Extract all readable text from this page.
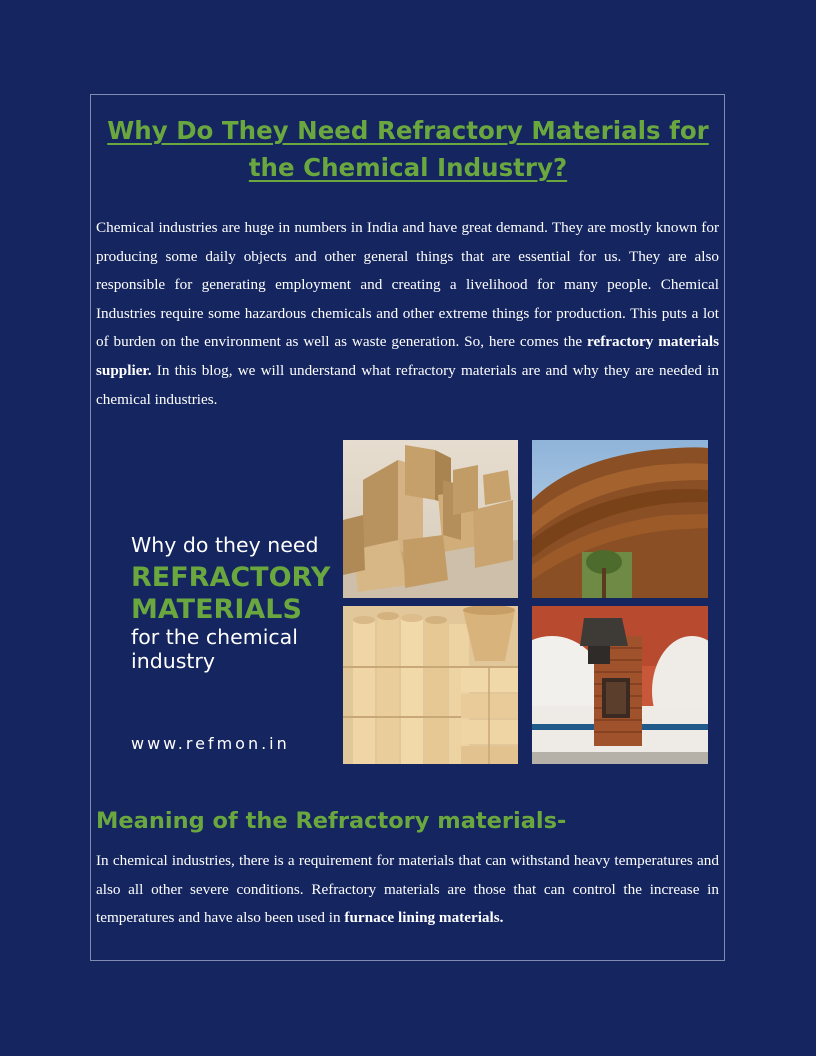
Why Do They Need Refractory Materials for the Chemical Industry?

Chemical industries are huge in numbers in India and have great demand. They are mostly known for producing some daily objects and other general things that are essential for us. They are also responsible for generating employment and creating a livelihood for many people. Chemical Industries require some hazardous chemicals and other extreme things for production. This puts a lot of burden on the environment as well as waste generation. So, here comes the refractory materials supplier. In this blog, we will understand what refractory materials are and why they are needed in chemical industries.

Why do they need
REFRACTORY
MATERIALS
for the chemical
industry
www.refmon.in
Meaning of the Refractory materials-

In chemical industries, there is a requirement for materials that can withstand heavy temperatures and also all other severe conditions. Refractory materials are those that can control the increase in temperatures and have also been used in furnace lining materials.
